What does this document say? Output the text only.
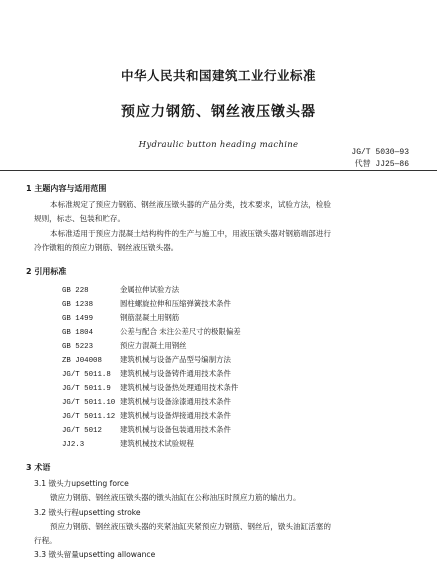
中华人民共和国建筑工业行业标准
预应力钢筋、钢丝液压镦头器
Hydraulic button heading machine
JG/T 5030—93
代替 JJ25—86
1 主题内容与适用范围
本标准规定了预应力钢筋、钢丝液压镦头器的产品分类，技术要求，试验方法，检验
规则，标志、包装和贮存。
本标准适用于预应力混凝土结构构件的生产与施工中，用液压镦头器对钢筋端部进行
冷作镦粗的预应力钢筋、钢丝液压镦头器。
2 引用标准
GB 228	金属拉伸试验方法
GB 1238	圆柱螺旋拉伸和压缩弹簧技术条件
GB 1499	钢筋混凝土用钢筋
GB 1804	公差与配合 未注公差尺寸的极限偏差
GB 5223	预应力混凝土用钢丝
ZB J04008 建筑机械与设备产品型号编制方法
JG/T 5011.8 建筑机械与设备铸件通用技术条件
JG/T 5011.9 建筑机械与设备热处理通用技术条件
JG/T 5011.10 建筑机械与设备涂漆通用技术条件
JG/T 5011.12 建筑机械与设备焊接通用技术条件
JG/T 5012 建筑机械与设备包装通用技术条件
JJ2.3	建筑机械技术试验规程
3 术语
3.1 镦头力upsetting force
镦应力钢筋、钢丝液压镦头器的镦头油缸在公称油压时预应力筋的输出力。
3.2 镦头行程upsetting stroke
预应力钢筋、钢丝液压镦头器的夹紧油缸夹紧预应力钢筋、钢丝后，镦头油缸活塞的
行程。
3.3 镦头留量upsetting allowance
